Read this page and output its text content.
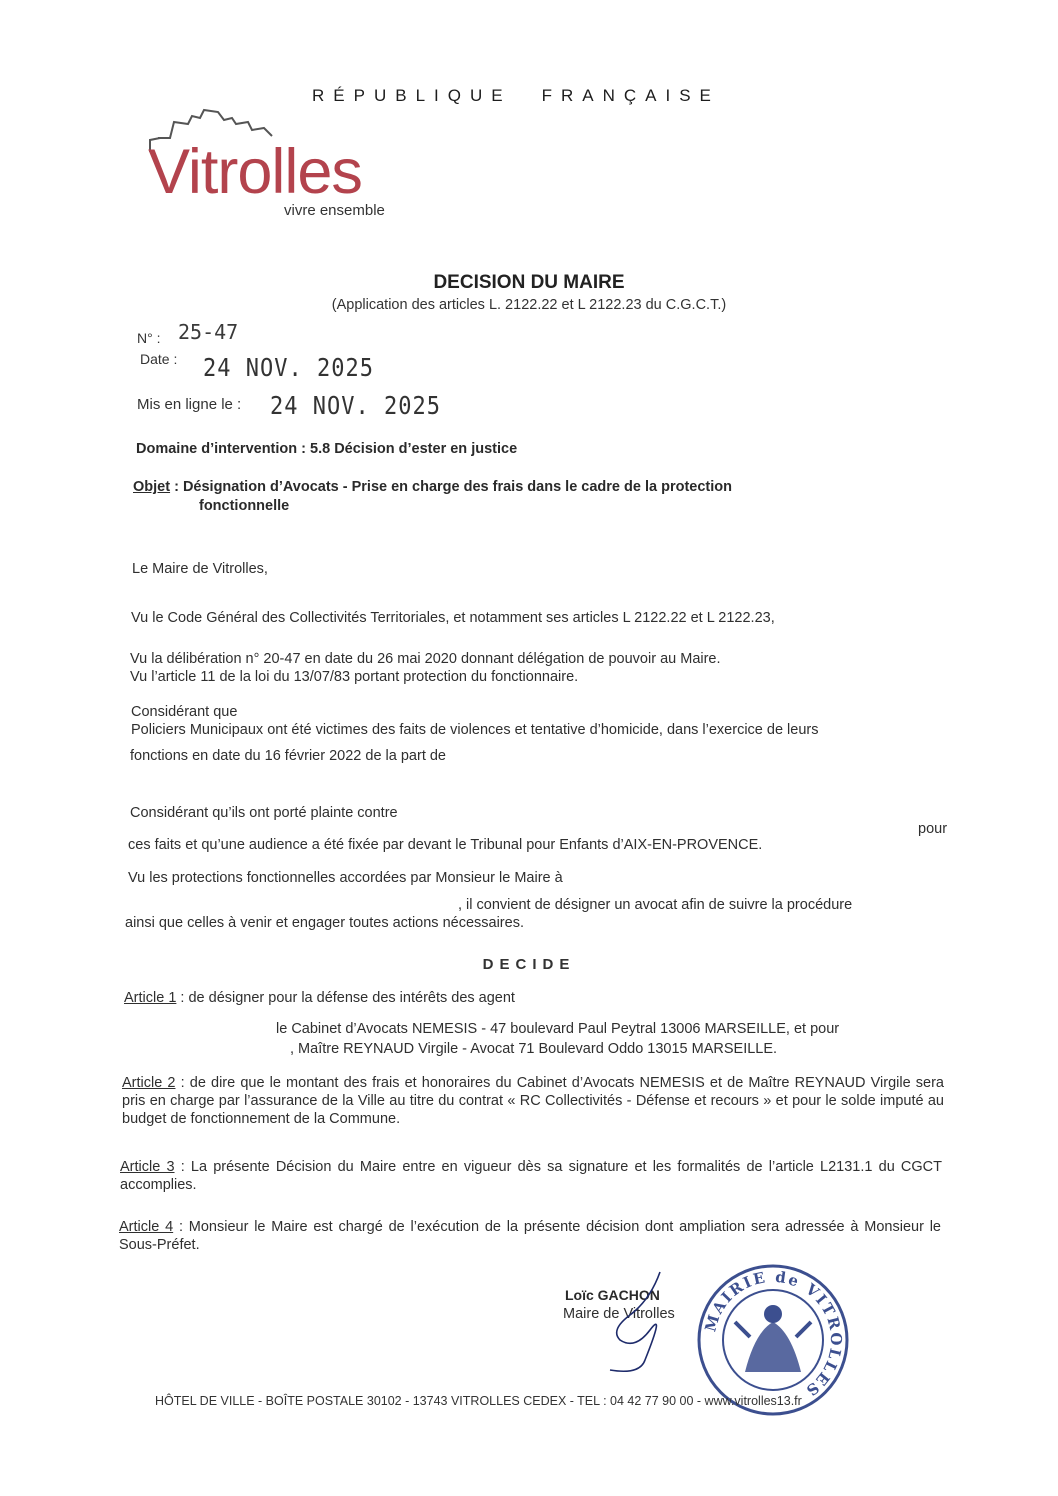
RÉPUBLIQUE FRANÇAISE
Vitrolles
vivre ensemble
DECISION DU MAIRE
(Application des articles L. 2122.22 et L 2122.23 du C.G.C.T.)
N° : 25-47
Date : 24 NOV. 2025
Mis en ligne le : 24 NOV. 2025
Domaine d’intervention : 5.8 Décision d’ester en justice
Objet : Désignation d’Avocats - Prise en charge des frais dans le cadre de la protection
fonctionnelle
Le Maire de Vitrolles,
Vu le Code Général des Collectivités Territoriales, et notamment ses articles L 2122.22 et L 2122.23,
Vu la délibération n° 20-47 en date du 26 mai 2020 donnant délégation de pouvoir au Maire.
Vu l’article 11 de la loi du 13/07/83 portant protection du fonctionnaire.
Considérant que
Policiers Municipaux ont été victimes des faits de violences et tentative d’homicide, dans l’exercice de leurs
fonctions en date du 16 février 2022 de la part de
Considérant qu’ils ont porté plainte contre
pour
ces faits et qu’une audience a été fixée par devant le Tribunal pour Enfants d’AIX-EN-PROVENCE.
Vu les protections fonctionnelles accordées par Monsieur le Maire à
, il convient de désigner un avocat afin de suivre la procédure
ainsi que celles à venir et engager toutes actions nécessaires.
DECIDE
Article 1 : de désigner pour la défense des intérêts des agent
le Cabinet d’Avocats NEMESIS - 47 boulevard Paul Peytral 13006 MARSEILLE, et pour
, Maître REYNAUD Virgile - Avocat 71 Boulevard Oddo 13015 MARSEILLE.
Article 2 : de dire que le montant des frais et honoraires du Cabinet d’Avocats NEMESIS et de Maître REYNAUD Virgile sera pris en charge par l’assurance de la Ville au titre du contrat « RC Collectivités - Défense et recours » et pour le solde imputé au budget de fonctionnement de la Commune.
Article 3 : La présente Décision du Maire entre en vigueur dès sa signature et les formalités de l’article L2131.1 du CGCT accomplies.
Article 4 : Monsieur le Maire est chargé de l’exécution de la présente décision dont ampliation sera adressée à Monsieur le Sous-Préfet.
Loïc GACHON
Maire de Vitrolles MAIRIE de VITROLLES
HÔTEL DE VILLE - BOÎTE POSTALE 30102 - 13743 VITROLLES CEDEX - TEL : 04 42 77 90 00 - www.vitrolles13.fr
